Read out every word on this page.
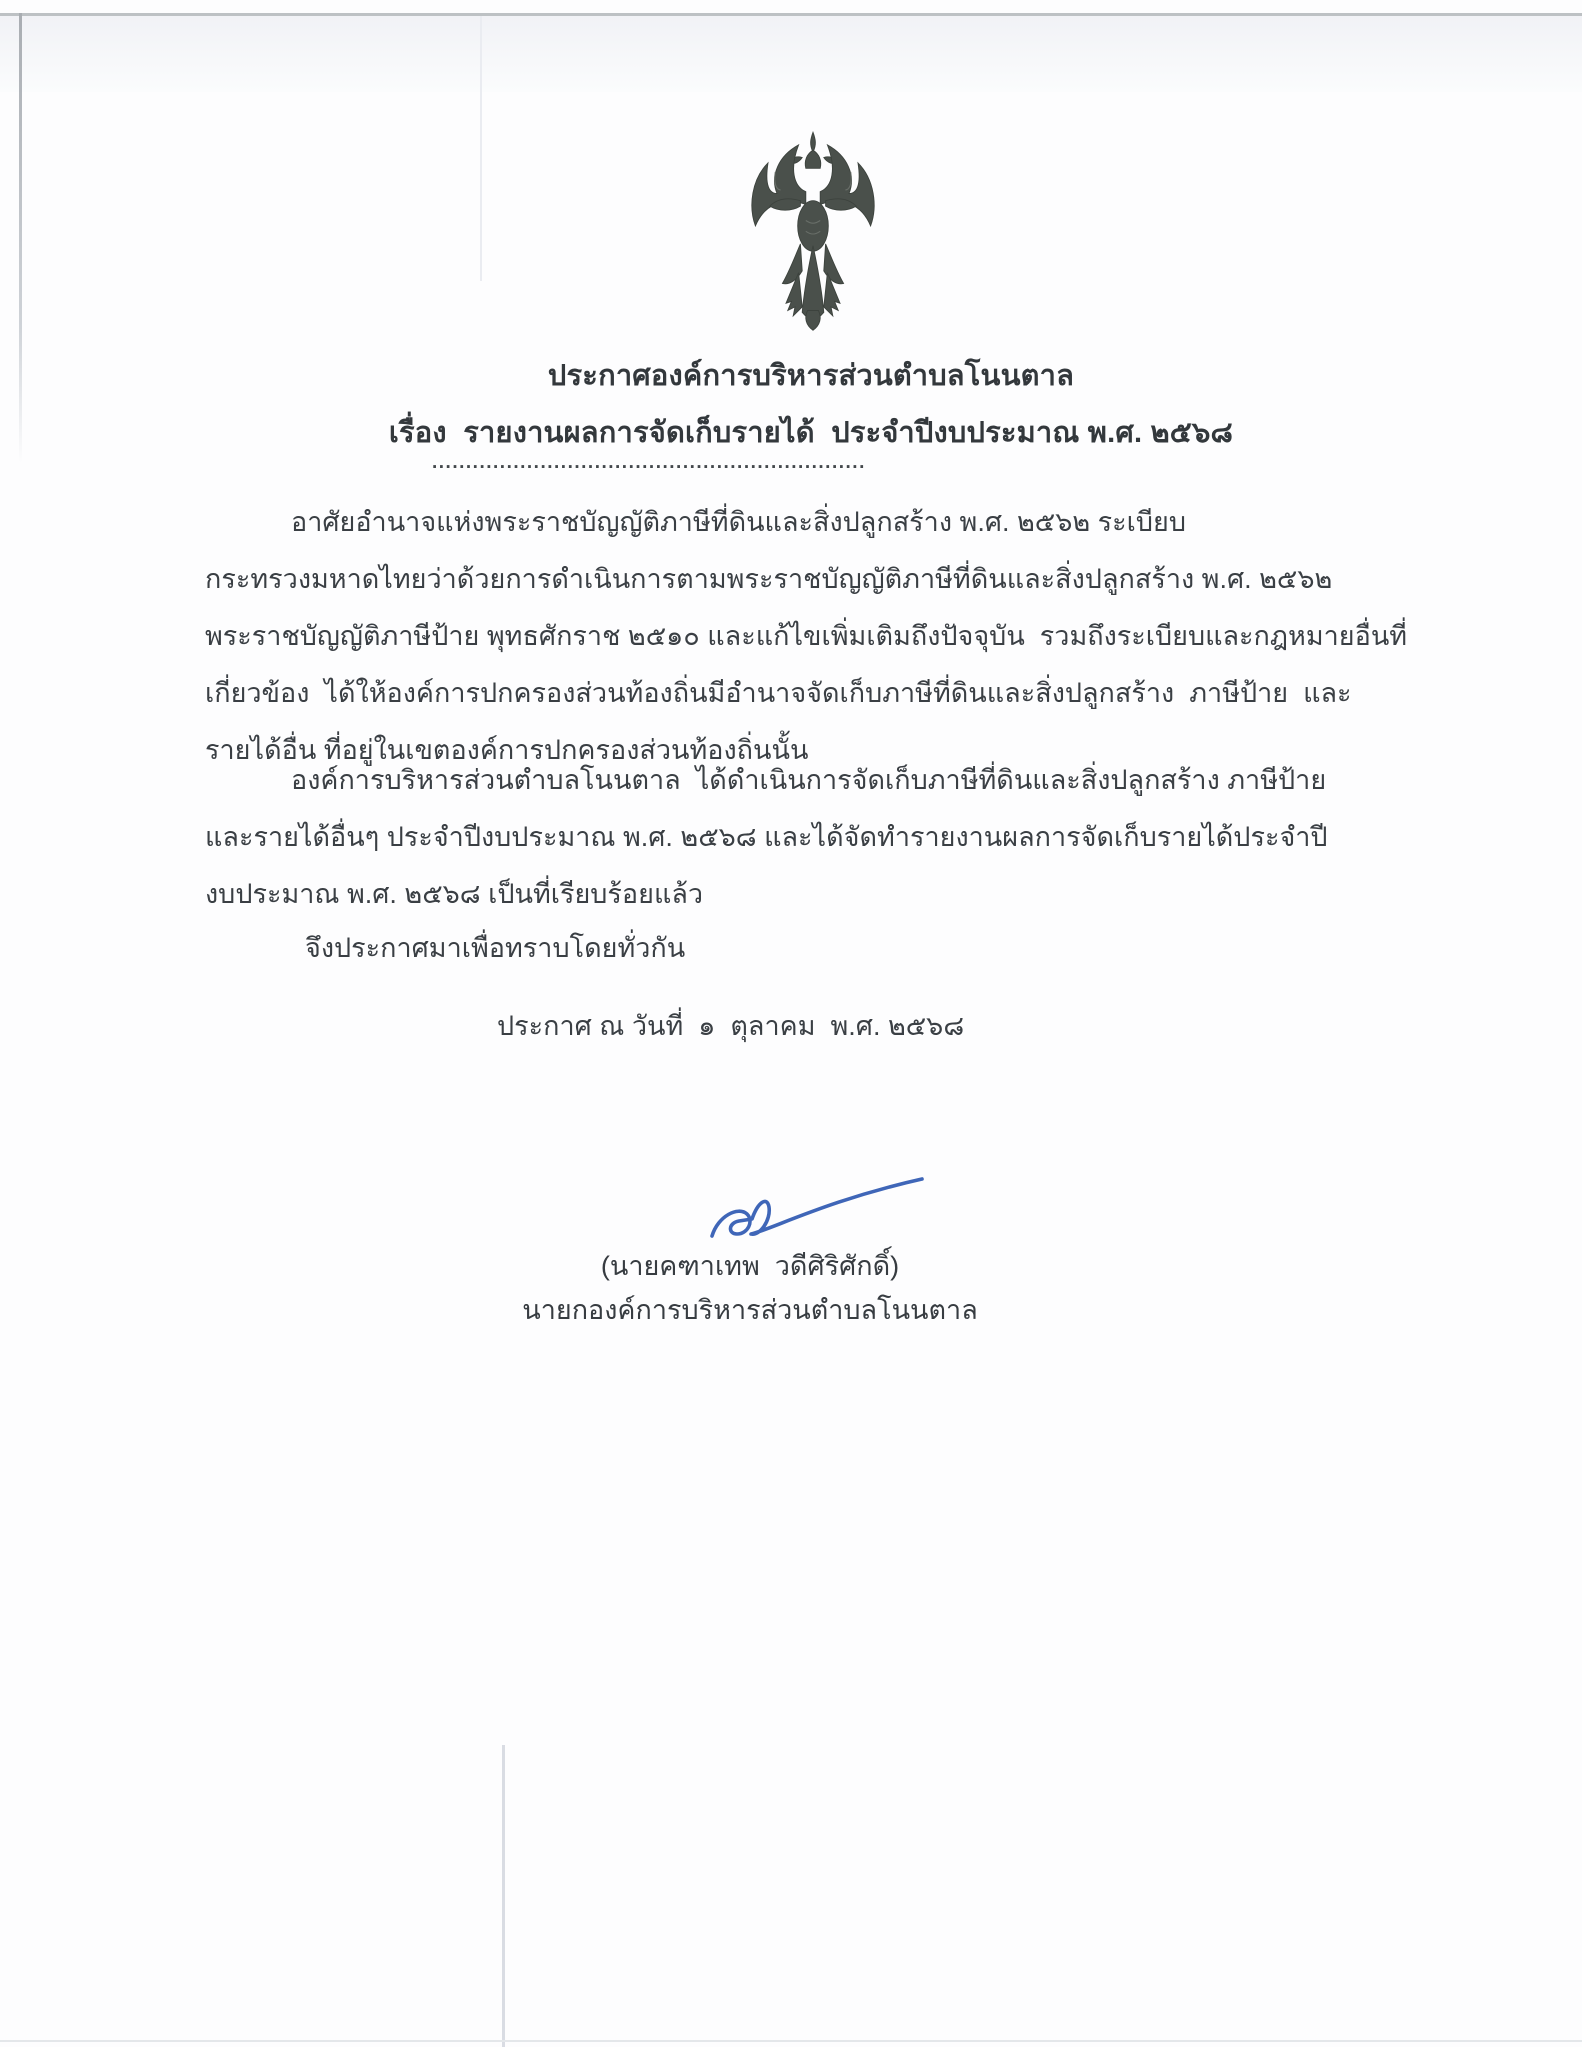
ประกาศองค์การบริหารส่วนตำบลโนนตาล
เรื่อง  รายงานผลการจัดเก็บรายได้  ประจำปีงบประมาณ พ.ศ. ๒๕๖๘
................................................................
อาศัยอำนาจแห่งพระราชบัญญัติภาษีที่ดินและสิ่งปลูกสร้าง พ.ศ. ๒๕๖๒ ระเบียบ
กระทรวงมหาดไทยว่าด้วยการดำเนินการตามพระราชบัญญัติภาษีที่ดินและสิ่งปลูกสร้าง พ.ศ. ๒๕๖๒
พระราชบัญญัติภาษีป้าย พุทธศักราช ๒๕๑๐ และแก้ไขเพิ่มเติมถึงปัจจุบัน  รวมถึงระเบียบและกฎหมายอื่นที่
เกี่ยวข้อง  ได้ให้องค์การปกครองส่วนท้องถิ่นมีอำนาจจัดเก็บภาษีที่ดินและสิ่งปลูกสร้าง  ภาษีป้าย  และ
รายได้อื่น ที่อยู่ในเขตองค์การปกครองส่วนท้องถิ่นนั้น
องค์การบริหารส่วนตำบลโนนตาล  ได้ดำเนินการจัดเก็บภาษีที่ดินและสิ่งปลูกสร้าง ภาษีป้าย
และรายได้อื่นๆ ประจำปีงบประมาณ พ.ศ. ๒๕๖๘ และได้จัดทำรายงานผลการจัดเก็บรายได้ประจำปี
งบประมาณ พ.ศ. ๒๕๖๘ เป็นที่เรียบร้อยแล้ว
จึงประกาศมาเพื่อทราบโดยทั่วกัน
ประกาศ ณ วันที่  ๑  ตุลาคม  พ.ศ. ๒๕๖๘
(นายคฑาเทพ  วดีศิริศักดิ์)
นายกองค์การบริหารส่วนตำบลโนนตาล
